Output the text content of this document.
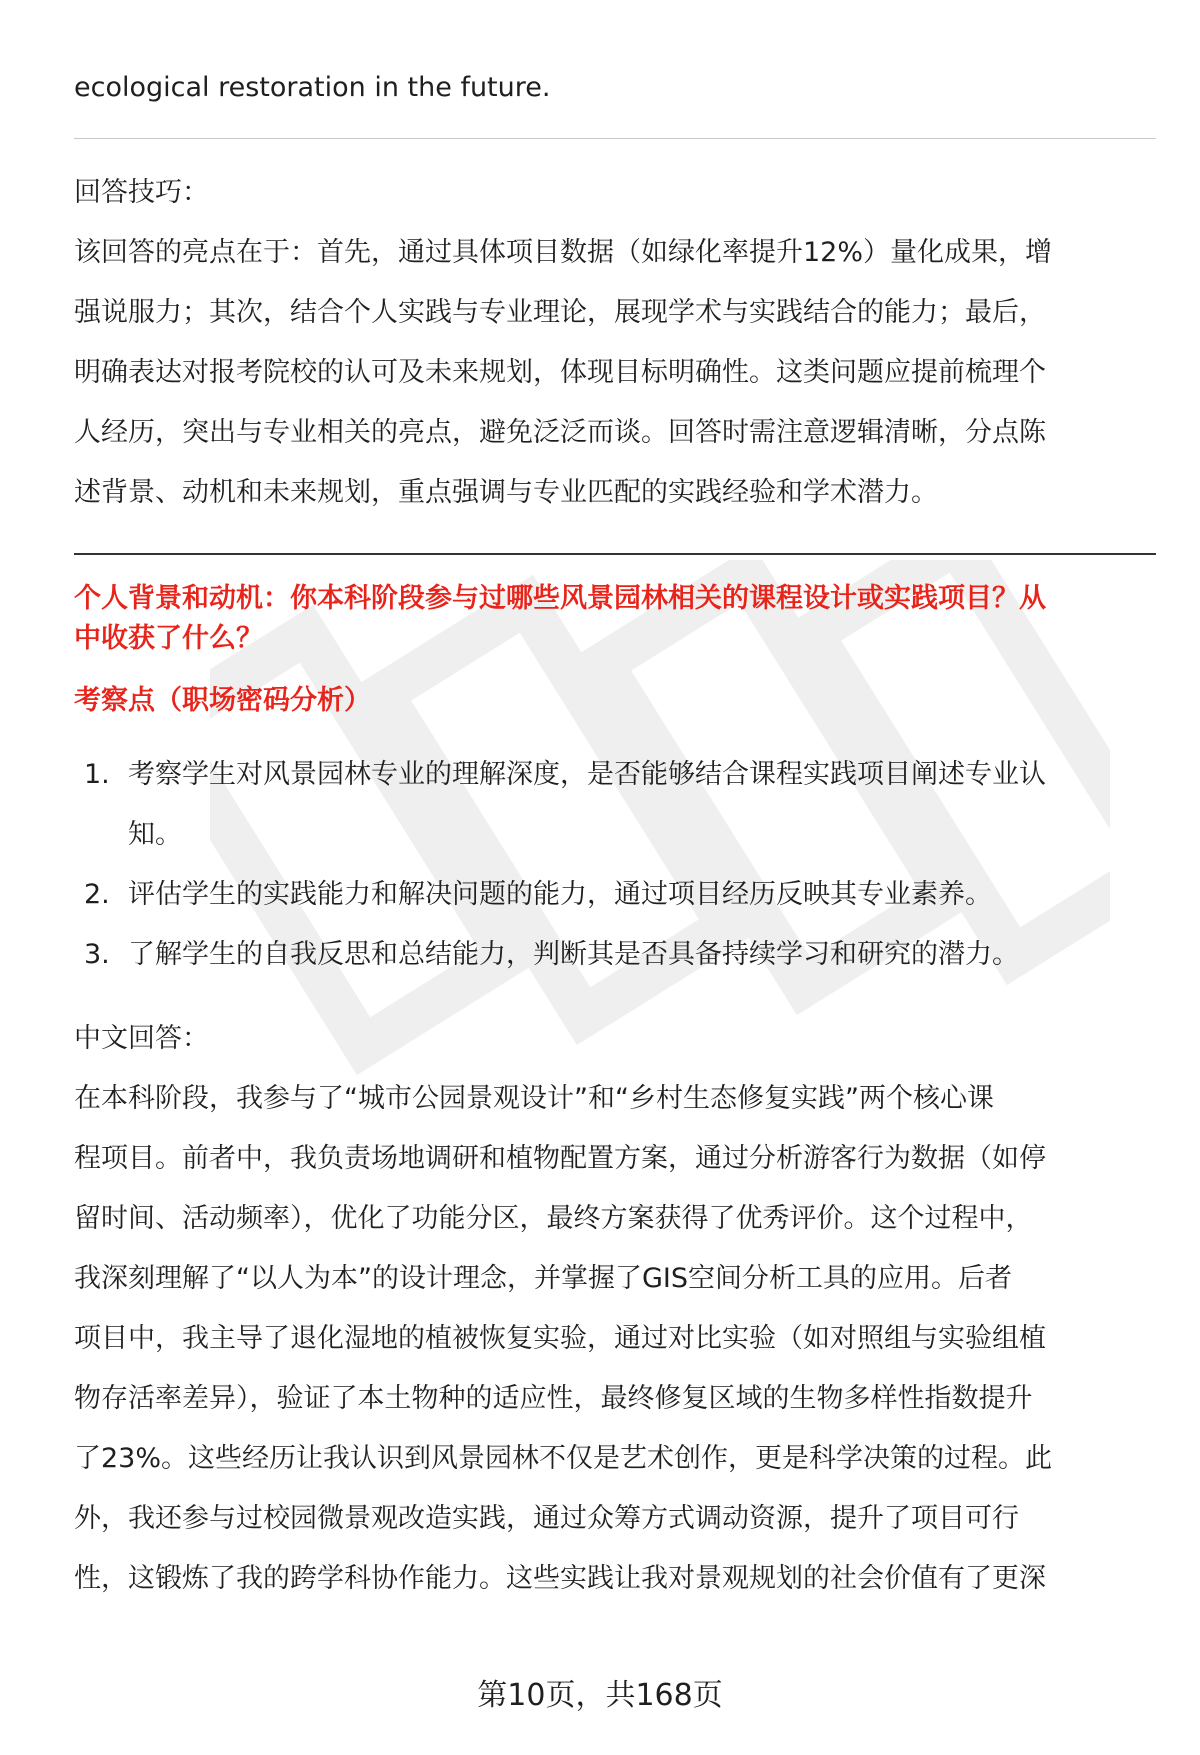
ecological restoration in the future.

回答技巧：

该回答的亮点在于：首先，通过具体项目数据（如绿化率提升12%）量化成果，增

强说服力；其次，结合个人实践与专业理论，展现学术与实践结合的能力；最后，

明确表达对报考院校的认可及未来规划，体现目标明确性。这类问题应提前梳理个

人经历，突出与专业相关的亮点，避免泛泛而谈。回答时需注意逻辑清晰，分点陈

述背景、动机和未来规划，重点强调与专业匹配的实践经验和学术潜力。

个人背景和动机：你本科阶段参与过哪些风景园林相关的课程设计或实践项目？从

中收获了什么？

考察点（职场密码分析）

1. 考察学生对风景园林专业的理解深度，是否能够结合课程实践项目阐述专业认

知。

2. 评估学生的实践能力和解决问题的能力，通过项目经历反映其专业素养。

3. 了解学生的自我反思和总结能力，判断其是否具备持续学习和研究的潜力。

中文回答：

在本科阶段，我参与了“城市公园景观设计”和“乡村生态修复实践”两个核心课

程项目。前者中，我负责场地调研和植物配置方案，通过分析游客行为数据（如停

留时间、活动频率），优化了功能分区，最终方案获得了优秀评价。这个过程中，

我深刻理解了“以人为本”的设计理念，并掌握了GIS空间分析工具的应用。后者

项目中，我主导了退化湿地的植被恢复实验，通过对比实验（如对照组与实验组植

物存活率差异），验证了本土物种的适应性，最终修复区域的生物多样性指数提升

了23%。这些经历让我认识到风景园林不仅是艺术创作，更是科学决策的过程。此

外，我还参与过校园微景观改造实践，通过众筹方式调动资源，提升了项目可行

性，这锻炼了我的跨学科协作能力。这些实践让我对景观规划的社会价值有了更深

第10页，共168页
